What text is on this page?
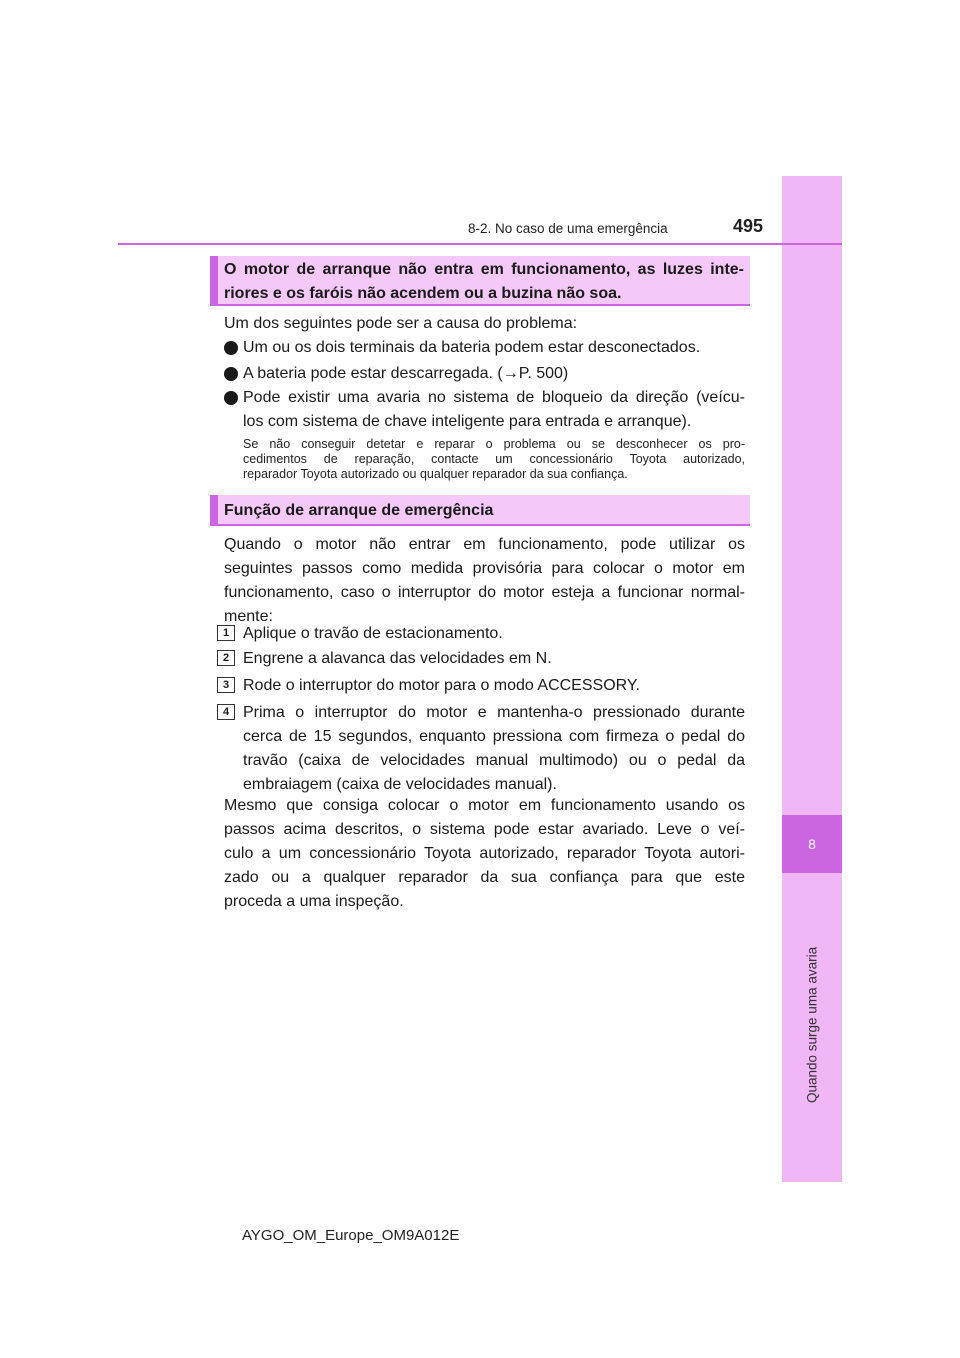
8
Quando surge uma avaria
8-2. No caso de uma emergência	495
O motor de arranque não entra em funcionamento, as luzes inte-
riores e os faróis não acendem ou a buzina não soa.
Um dos seguintes pode ser a causa do problema:
Um ou os dois terminais da bateria podem estar desconectados.
A bateria pode estar descarregada. (→P. 500)
Pode existir uma avaria no sistema de bloqueio da direção (veícu-
los com sistema de chave inteligente para entrada e arranque).
Se não conseguir detetar e reparar o problema ou se desconhecer os pro-
cedimentos de reparação, contacte um concessionário Toyota autorizado,
reparador Toyota autorizado ou qualquer reparador da sua confiança.
Função de arranque de emergência
Quando o motor não entrar em funcionamento, pode utilizar os
seguintes passos como medida provisória para colocar o motor em
funcionamento, caso o interruptor do motor esteja a funcionar normal-
mente:
1 Aplique o travão de estacionamento.
2 Engrene a alavanca das velocidades em N.
3 Rode o interruptor do motor para o modo ACCESSORY.
4 Prima o interruptor do motor e mantenha-o pressionado durante
cerca de 15 segundos, enquanto pressiona com firmeza o pedal do
travão (caixa de velocidades manual multimodo) ou o pedal da
embraiagem (caixa de velocidades manual).
Mesmo que consiga colocar o motor em funcionamento usando os
passos acima descritos, o sistema pode estar avariado. Leve o veí-
culo a um concessionário Toyota autorizado, reparador Toyota autori-
zado ou a qualquer reparador da sua confiança para que este
proceda a uma inspeção.
AYGO_OM_Europe_OM9A012E
